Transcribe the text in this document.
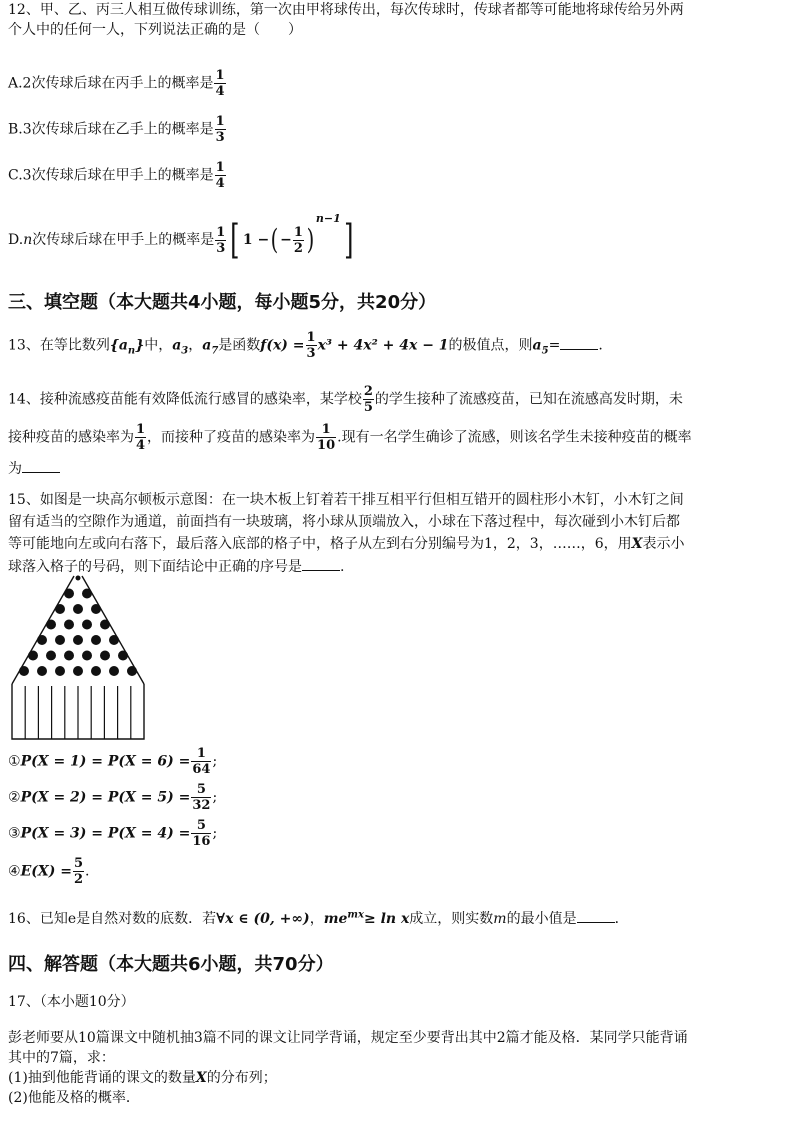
12、甲、乙、丙三人相互做传球训练，第一次由甲将球传出，每次传球时，传球者都等可能地将球传给另外两
个人中的任何一人，下列说法正确的是（　　）
A.2次传球后球在丙手上的概率是 $\frac{1}{4}$
B.3次传球后球在乙手上的概率是 $\frac{1}{3}$
C.3次传球后球在甲手上的概率是 $\frac{1}{4}$
D.n次传球后球在甲手上的概率是 $\frac{1}{3}$ [ 1 −( − $\frac{1}{2} )^{n-1}$]
三、填空题（本大题共4小题，每小题5分，共20分）
13、在等比数列$\{a_n\}$中，$a_3$，$a_7$是函数$f(x) = \frac{1}{3} x^3 + 4x^2 + 4x - 1$的极值点，则$a_5=$	.
14、接种流感疫苗能有效降低流行感冒的感染率，某学校 $\frac{2}{5}$ 的学生接种了流感疫苗，已知在流感高发时期，未
接种疫苗的感染率为 $\frac{1}{4}$ ，而接种了疫苗的感染率为 $\frac{1}{10}$ .现有一名学生确诊了流感，则该名学生未接种疫苗的概率
为
15、如图是一块高尔顿板示意图：在一块木板上钉着若干排互相平行但相互错开的圆柱形小木钉，小木钉之间
留有适当的空隙作为通道，前面挡有一块玻璃，将小球从顶端放入，小球在下落过程中，每次碰到小木钉后都
等可能地向左或向右落下，最后落入底部的格子中，格子从左到右分别编号为1，2，3，……，6，用X表示小
球落入格子的号码，则下面结论中正确的序号是	.
①P(X = $1) = P(X = 6) = \frac{1}{64}$ ;
②P(X = $2) = P(X = 5) = \frac{5}{32}$ ;
③P(X = $3) = P(X = 4) = \frac{5}{16}$ ;
④E(X) = $\frac{5}{2}$ .
16、已知e是自然对数的底数．若∀x ∈ (0, +∞)，$me^{mx}\ge \ln x$成立，则实数m的最小值是	．
四、解答题（本大题共6小题，共70分）
17、（本小题10分）
彭老师要从10篇课文中随机抽3篇不同的课文让同学背诵，规定至少要背出其中2篇才能及格．某同学只能背诵
其中的7篇，求：
(1)抽到他能背诵的课文的数量X的分布列；
(2)他能及格的概率．
